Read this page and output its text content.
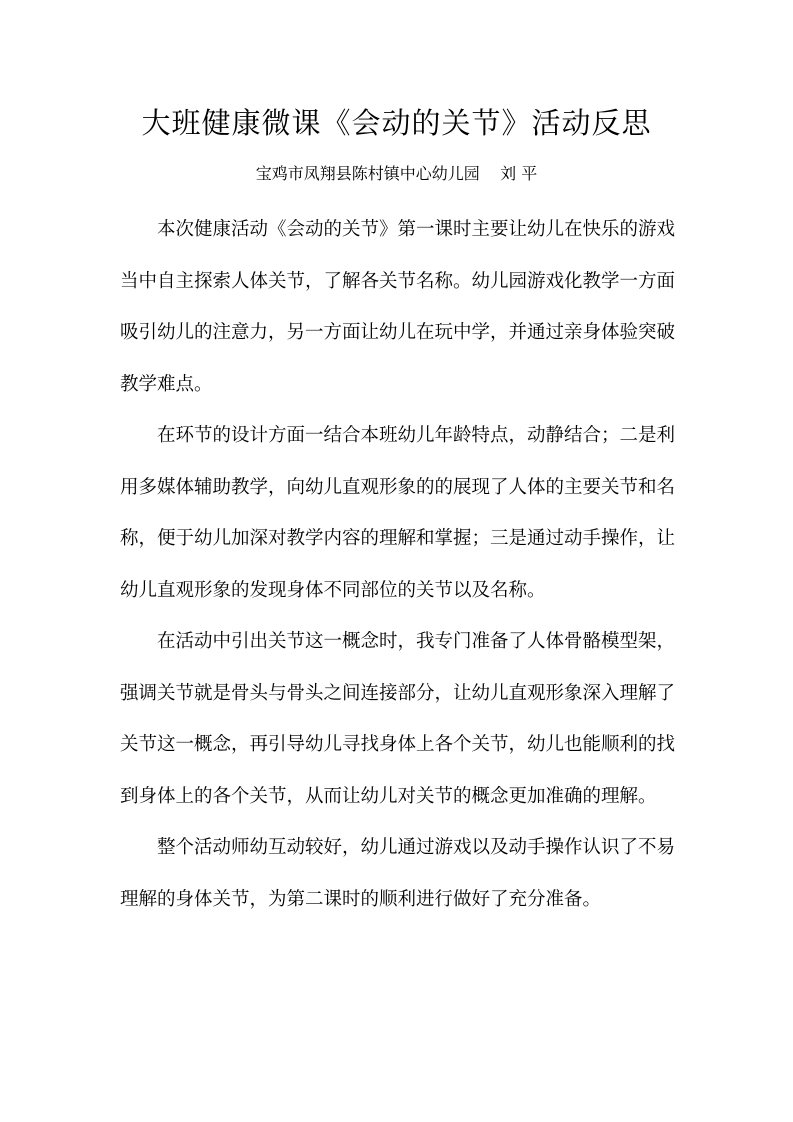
大班健康微课《会动的关节》活动反思
宝鸡市凤翔县陈村镇中心幼儿园    刘 平

本次健康活动《会动的关节》第一课时主要让幼儿在快乐的游戏当中自主探索人体关节，了解各关节名称。幼儿园游戏化教学一方面吸引幼儿的注意力，另一方面让幼儿在玩中学，并通过亲身体验突破教学难点。

在环节的设计方面一结合本班幼儿年龄特点，动静结合；二是利用多媒体辅助教学，向幼儿直观形象的的展现了人体的主要关节和名称，便于幼儿加深对教学内容的理解和掌握；三是通过动手操作，让幼儿直观形象的发现身体不同部位的关节以及名称。

在活动中引出关节这一概念时，我专门准备了人体骨骼模型架，强调关节就是骨头与骨头之间连接部分，让幼儿直观形象深入理解了关节这一概念，再引导幼儿寻找身体上各个关节，幼儿也能顺利的找到身体上的各个关节，从而让幼儿对关节的概念更加准确的理解。

整个活动师幼互动较好，幼儿通过游戏以及动手操作认识了不易理解的身体关节，为第二课时的顺利进行做好了充分准备。
